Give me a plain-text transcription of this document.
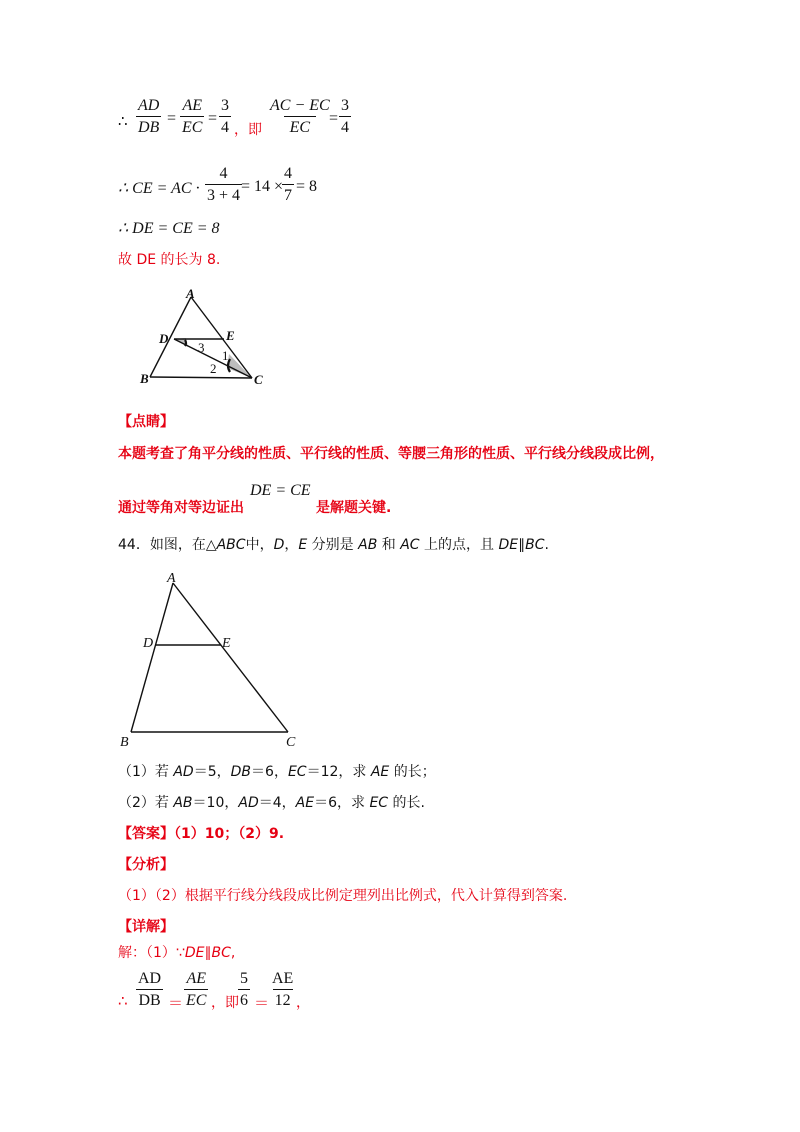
∴ $\frac{AD}{DB} = \frac{AE}{EC} = \frac{3}{4}$ ，即 $\frac{AC - EC}{EC}$
= $\frac{3}{4}$
∴ CE = AC · $\frac{4}{3 + 4}$
= 14 ×
$\frac{4}{7} = 8$
∴ DE = CE = 8
故 DE 的长为 8.
A
D	E
B	C
1
2
3
【点睛】
本题考查了角平分线的性质、平行线的性质、等腰三角形的性质、平行线分线段成比例，
通过等角对等边证出
DE = CE
是解题关键.
44．如图，在△ABC中，D，E 分别是 AB 和 AC 上的点，且 DE∥BC.
A
D	E
B	C
（1）若 AD＝5，DB＝6，EC＝12，求 AE 的长；
（2）若 AB＝10，AD＝4，AE＝6，求 EC 的长.
【答案】（1）10；（2）9.
【分析】
（1）（2）根据平行线分线段成比例定理列出比例式，代入计算得到答案.
【详解】
解：（1）∵DE∥BC,
∴ $\frac{AD}{DB} = \frac{AE}{EC}$ ，即 $\frac{5}{6} = \frac{AE}{12}$ ，
